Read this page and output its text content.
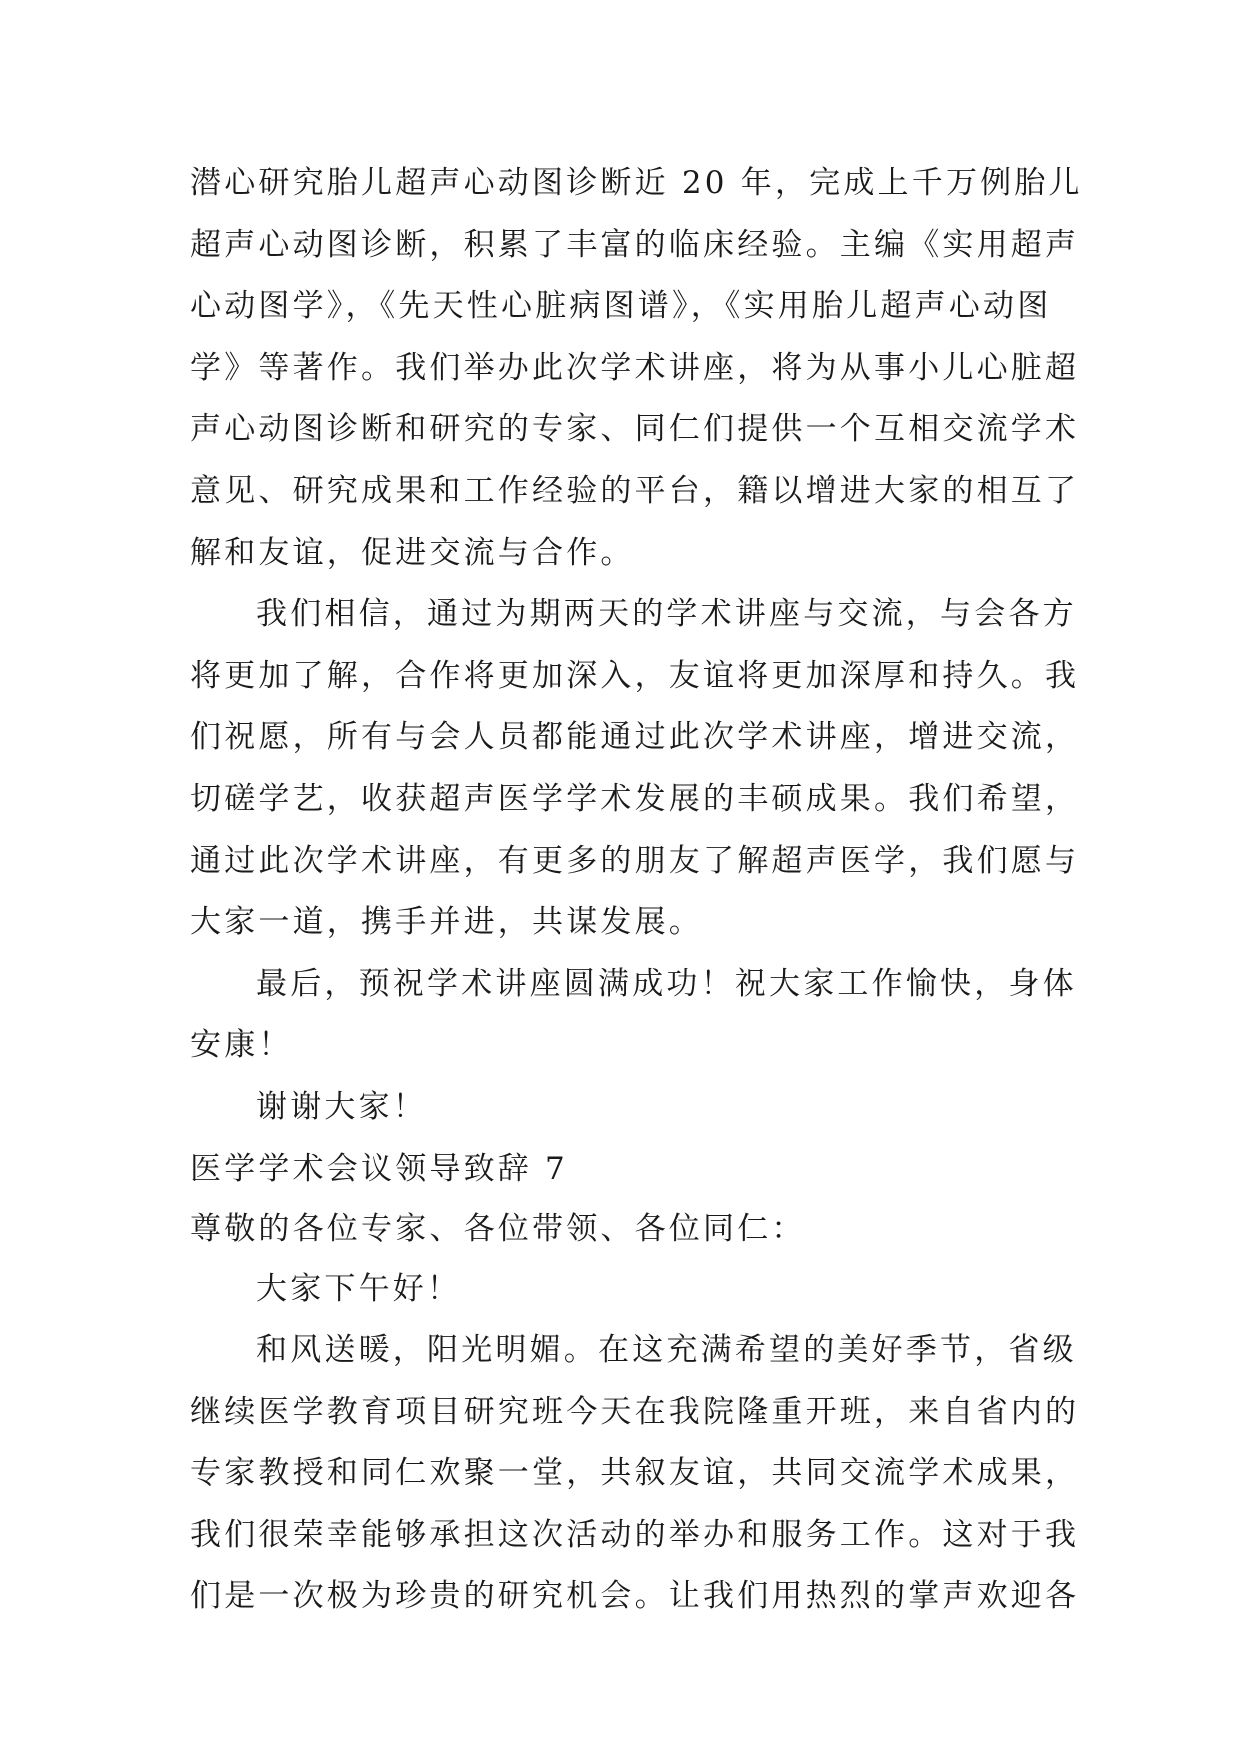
潜心研究胎儿超声心动图诊断近 20 年，完成上千万例胎儿
超声心动图诊断，积累了丰富的临床经验。主编《实用超声
心动图学》，《先天性心脏病图谱》，《实用胎儿超声心动图
学》等著作。我们举办此次学术讲座，将为从事小儿心脏超
声心动图诊断和研究的专家、同仁们提供一个互相交流学术
意见、研究成果和工作经验的平台，籍以增进大家的相互了
解和友谊，促进交流与合作。
我们相信，通过为期两天的学术讲座与交流，与会各方
将更加了解，合作将更加深入，友谊将更加深厚和持久。我
们祝愿，所有与会人员都能通过此次学术讲座，增进交流，
切磋学艺，收获超声医学学术发展的丰硕成果。我们希望，
通过此次学术讲座，有更多的朋友了解超声医学，我们愿与
大家一道，携手并进，共谋发展。
最后，预祝学术讲座圆满成功！祝大家工作愉快，身体
安康！
谢谢大家！
医学学术会议领导致辞 7
尊敬的各位专家、各位带领、各位同仁：
大家下午好！
和风送暖，阳光明媚。在这充满希望的美好季节，省级
继续医学教育项目研究班今天在我院隆重开班，来自省内的
专家教授和同仁欢聚一堂，共叙友谊，共同交流学术成果，
我们很荣幸能够承担这次活动的举办和服务工作。这对于我
们是一次极为珍贵的研究机会。让我们用热烈的掌声欢迎各
